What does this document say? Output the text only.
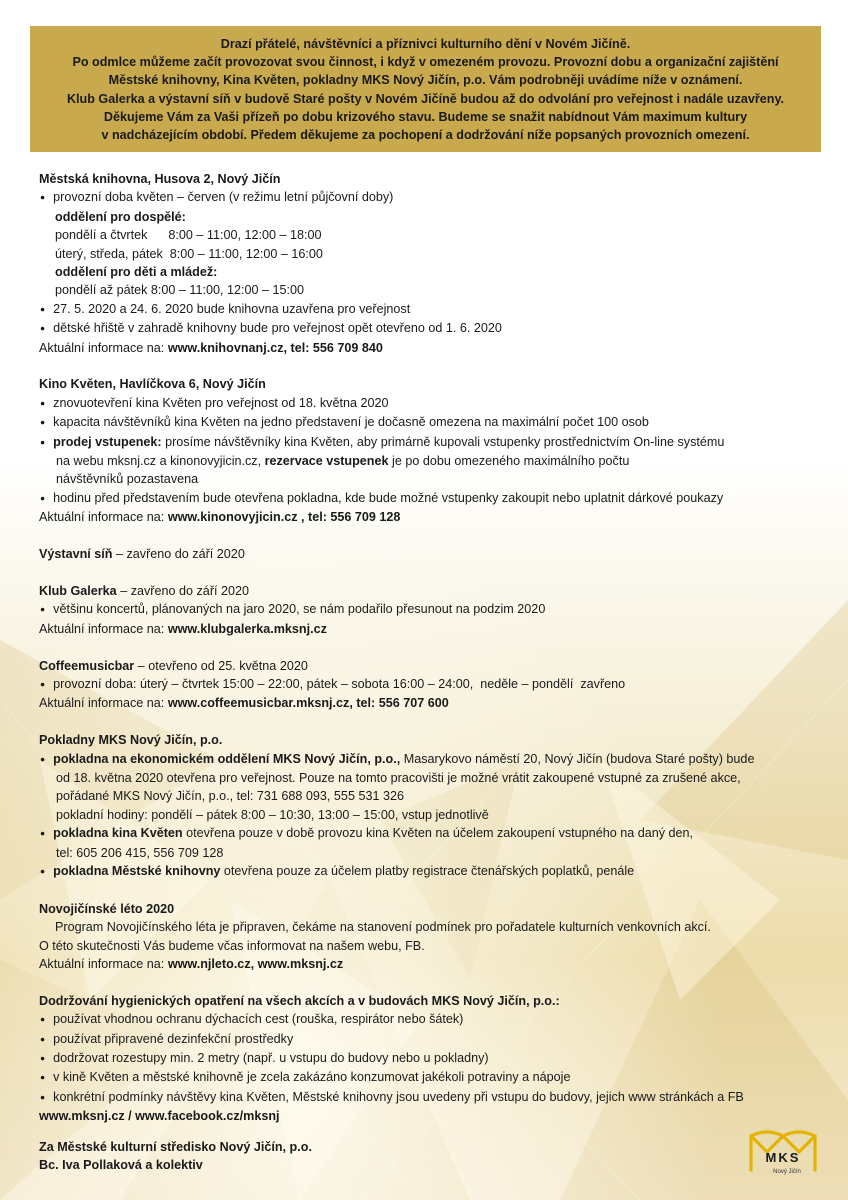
Drazí přátelé, návštěvníci a příznivci kulturního dění v Novém Jičíně.
Po odmlce můžeme začít provozovat svou činnost, i když v omezeném provozu. Provozní dobu a organizační zajištění
Městské knihovny, Kina Květen, pokladny MKS Nový Jičín, p.o. Vám podrobněji uvádíme níže v oznámení.
Klub Galerka a výstavní síň v budově Staré pošty v Novém Jičíně budou až do odvolání pro veřejnost i nadále uzavřeny.
Děkujeme Vám za Vaši přízeň po dobu krizového stavu. Budeme se snažit nabídnout Vám maximum kultury
v nadcházejícím období. Předem děkujeme za pochopení a dodržování níže popsaných provozních omezení.
Městská knihovna, Husova 2, Nový Jičín
● provozní doba květen – červen (v režimu letní půjčovní doby)
oddělení pro dospělé:
pondělí a čtvrtek      8:00 – 11:00, 12:00 – 18:00
úterý, středa, pátek  8:00 – 11:00, 12:00 – 16:00
oddělení pro děti a mládež:
pondělí až pátek 8:00 – 11:00, 12:00 – 15:00
● 27. 5. 2020 a 24. 6. 2020 bude knihovna uzavřena pro veřejnost
● dětské hřiště v zahradě knihovny bude pro veřejnost opět otevřeno od 1. 6. 2020
Aktuální informace na: www.knihovnanj.cz, tel: 556 709 840
Kino Květen, Havlíčkova 6, Nový Jičín
● znovuotevření kina Květen pro veřejnost od 18. května 2020
● kapacita návštěvníků kina Květen na jedno představení je dočasně omezena na maximální počet 100 osob
● prodej vstupenek: prosíme návštěvníky kina Květen, aby primárně kupovali vstupenky prostřednictvím On-line systému
na webu mksnj.cz a kinonovyjicin.cz, rezervace vstupenek je po dobu omezeného maximálního počtu
návštěvníků pozastavena
● hodinu před představením bude otevřena pokladna, kde bude možné vstupenky zakoupit nebo uplatnit dárkové poukazy
Aktuální informace na: www.kinonovyjicin.cz , tel: 556 709 128
Výstavní síň – zavřeno do září 2020
Klub Galerka – zavřeno do září 2020
● většinu koncertů, plánovaných na jaro 2020, se nám podařilo přesunout na podzim 2020
Aktuální informace na: www.klubgalerka.mksnj.cz
Coffeemusicbar – otevřeno od 25. května 2020
● provozní doba: úterý – čtvrtek 15:00 – 22:00, pátek – sobota 16:00 – 24:00,  neděle – pondělí  zavřeno
Aktuální informace na: www.coffeemusicbar.mksnj.cz, tel: 556 707 600
Pokladny MKS Nový Jičín, p.o.
● pokladna na ekonomickém oddělení MKS Nový Jičín, p.o., Masarykovo náměstí 20, Nový Jičín (budova Staré pošty) bude
od 18. května 2020 otevřena pro veřejnost. Pouze na tomto pracovišti je možné vrátit zakoupené vstupné za zrušené akce,
pořádané MKS Nový Jičín, p.o., tel: 731 688 093, 555 531 326
pokladní hodiny: pondělí – pátek 8:00 – 10:30, 13:00 – 15:00, vstup jednotlivě
● pokladna kina Květen otevřena pouze v době provozu kina Květen na účelem zakoupení vstupného na daný den,
tel: 605 206 415, 556 709 128
● pokladna Městské knihovny otevřena pouze za účelem platby registrace čtenářských poplatků, penále
Novojičínské léto 2020
Program Novojičínského léta je připraven, čekáme na stanovení podmínek pro pořadatele kulturních venkovních akcí.
O této skutečnosti Vás budeme včas informovat na našem webu, FB.
Aktuální informace na: www.njleto.cz, www.mksnj.cz
Dodržování hygienických opatření na všech akcích a v budovách MKS Nový Jičín, p.o.:
● používat vhodnou ochranu dýchacích cest (rouška, respirátor nebo šátek)
● používat připravené dezinfekční prostředky
● dodržovat rozestupy min. 2 metry (např. u vstupu do budovy nebo u pokladny)
● v kině Květen a městské knihovně je zcela zakázáno konzumovat jakékoli potraviny a nápoje
● konkrétní podmínky návštěvy kina Květen, Městské knihovny jsou uvedeny při vstupu do budovy, jejich www stránkách a FB
www.mksnj.cz / www.facebook.cz/mksnj
Za Městské kulturní středisko Nový Jičín, p.o.
Bc. Iva Pollaková a kolektiv
MKS
Nový Jičín
